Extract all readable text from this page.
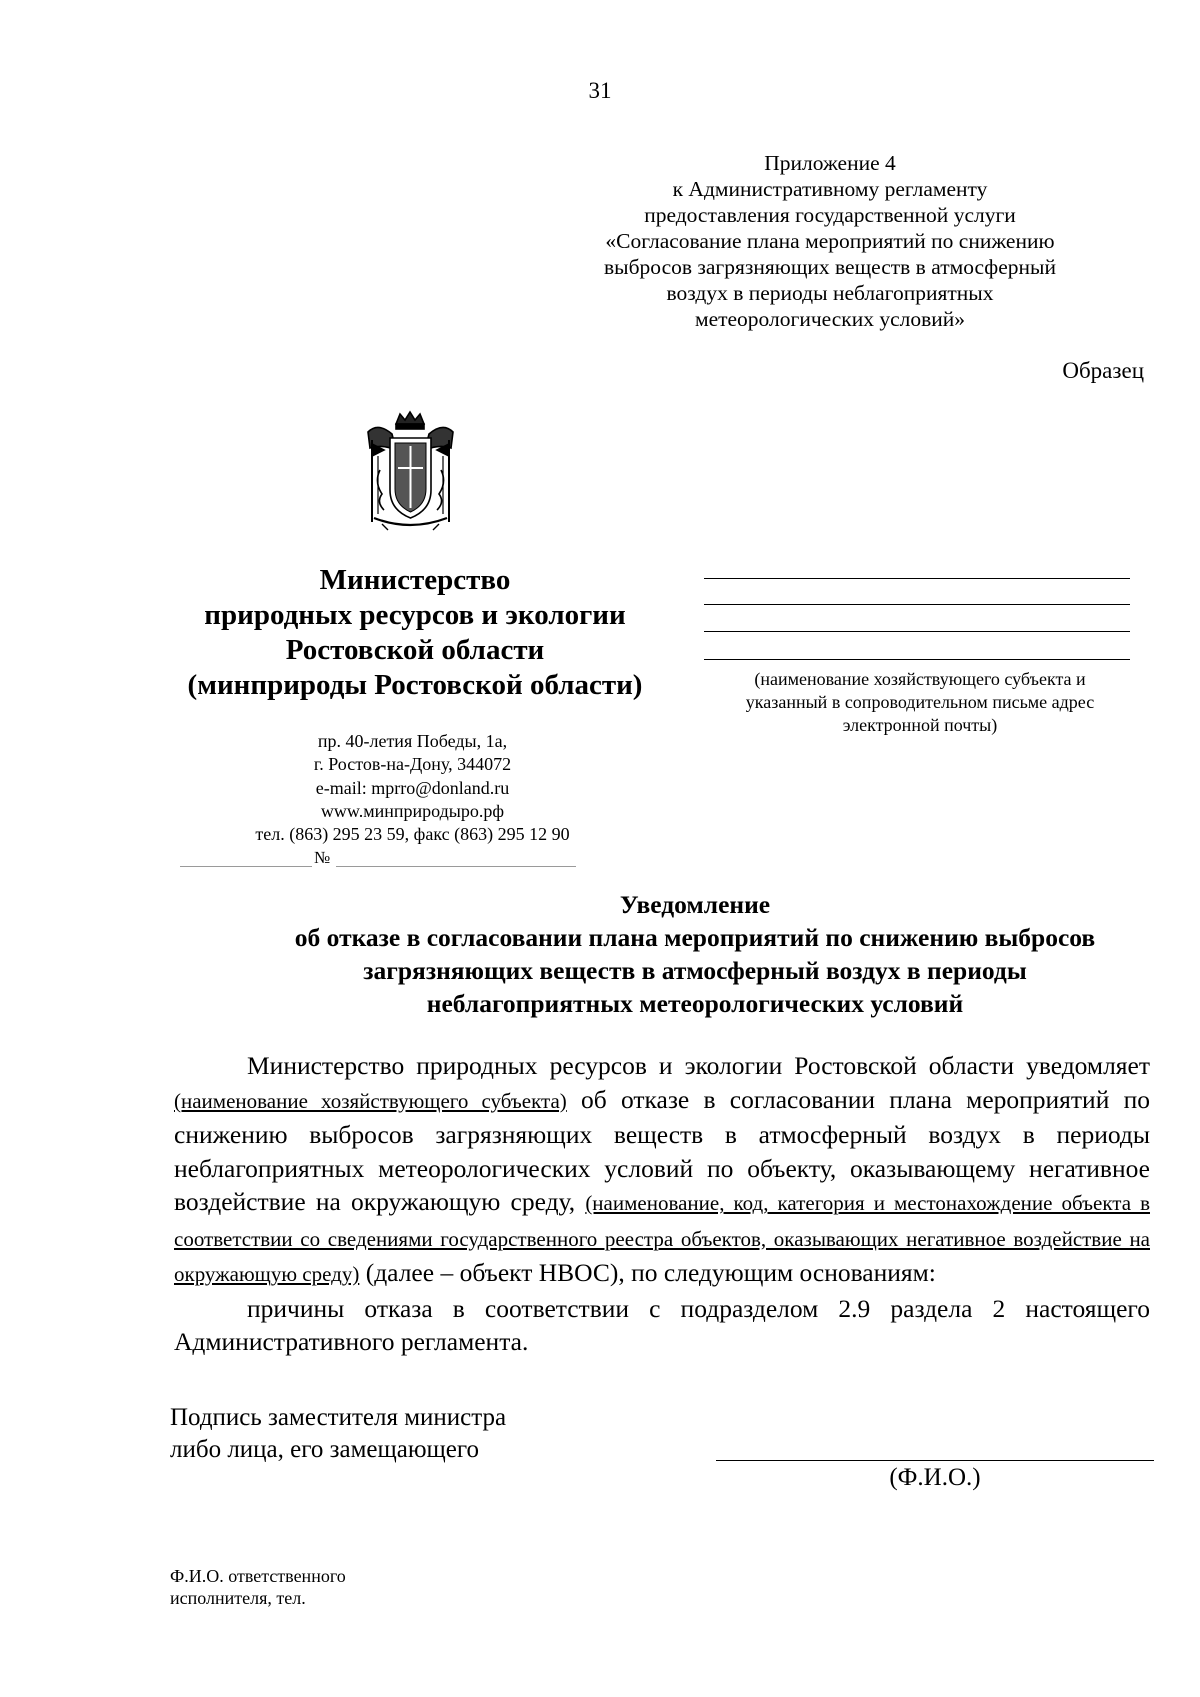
31
Приложение 4
к Административному регламенту
предоставления государственной услуги
«Согласование плана мероприятий по снижению
выбросов загрязняющих веществ в атмосферный
воздух в периоды неблагоприятных
метеорологических условий»
Образец
Министерство
природных ресурсов и экологии
Ростовской области
(минприроды Ростовской области)
пр. 40-летия Победы, 1а,
г. Ростов-на-Дону, 344072
e-mail: mprro@donland.ru
www.минприродыро.рф
тел. (863) 295 23 59, факс (863) 295 12 90
№
(наименование хозяйствующего субъекта и
указанный в сопроводительном письме адрес
электронной почты)
Уведомление
об отказе в согласовании плана мероприятий по снижению выбросов
загрязняющих веществ в атмосферный воздух в периоды
неблагоприятных метеорологических условий

Министерство природных ресурсов и экологии Ростовской области уведомляет (наименование хозяйствующего субъекта) об отказе в согласовании плана мероприятий по снижению выбросов загрязняющих веществ в атмосферный воздух в периоды неблагоприятных метеорологических условий по объекту, оказывающему негативное воздействие на окружающую среду, (наименование, код, категория и местонахождение объекта в соответствии со сведениями государственного реестра объектов, оказывающих негативное воздействие на окружающую среду) (далее – объект НВОС), по следующим основаниям:

причины отказа в соответствии с подразделом 2.9 раздела 2 настоящего Административного регламента.

Подпись заместителя министра
либо лица, его замещающего
(Ф.И.О.)
Ф.И.О. ответственного
исполнителя, тел.
